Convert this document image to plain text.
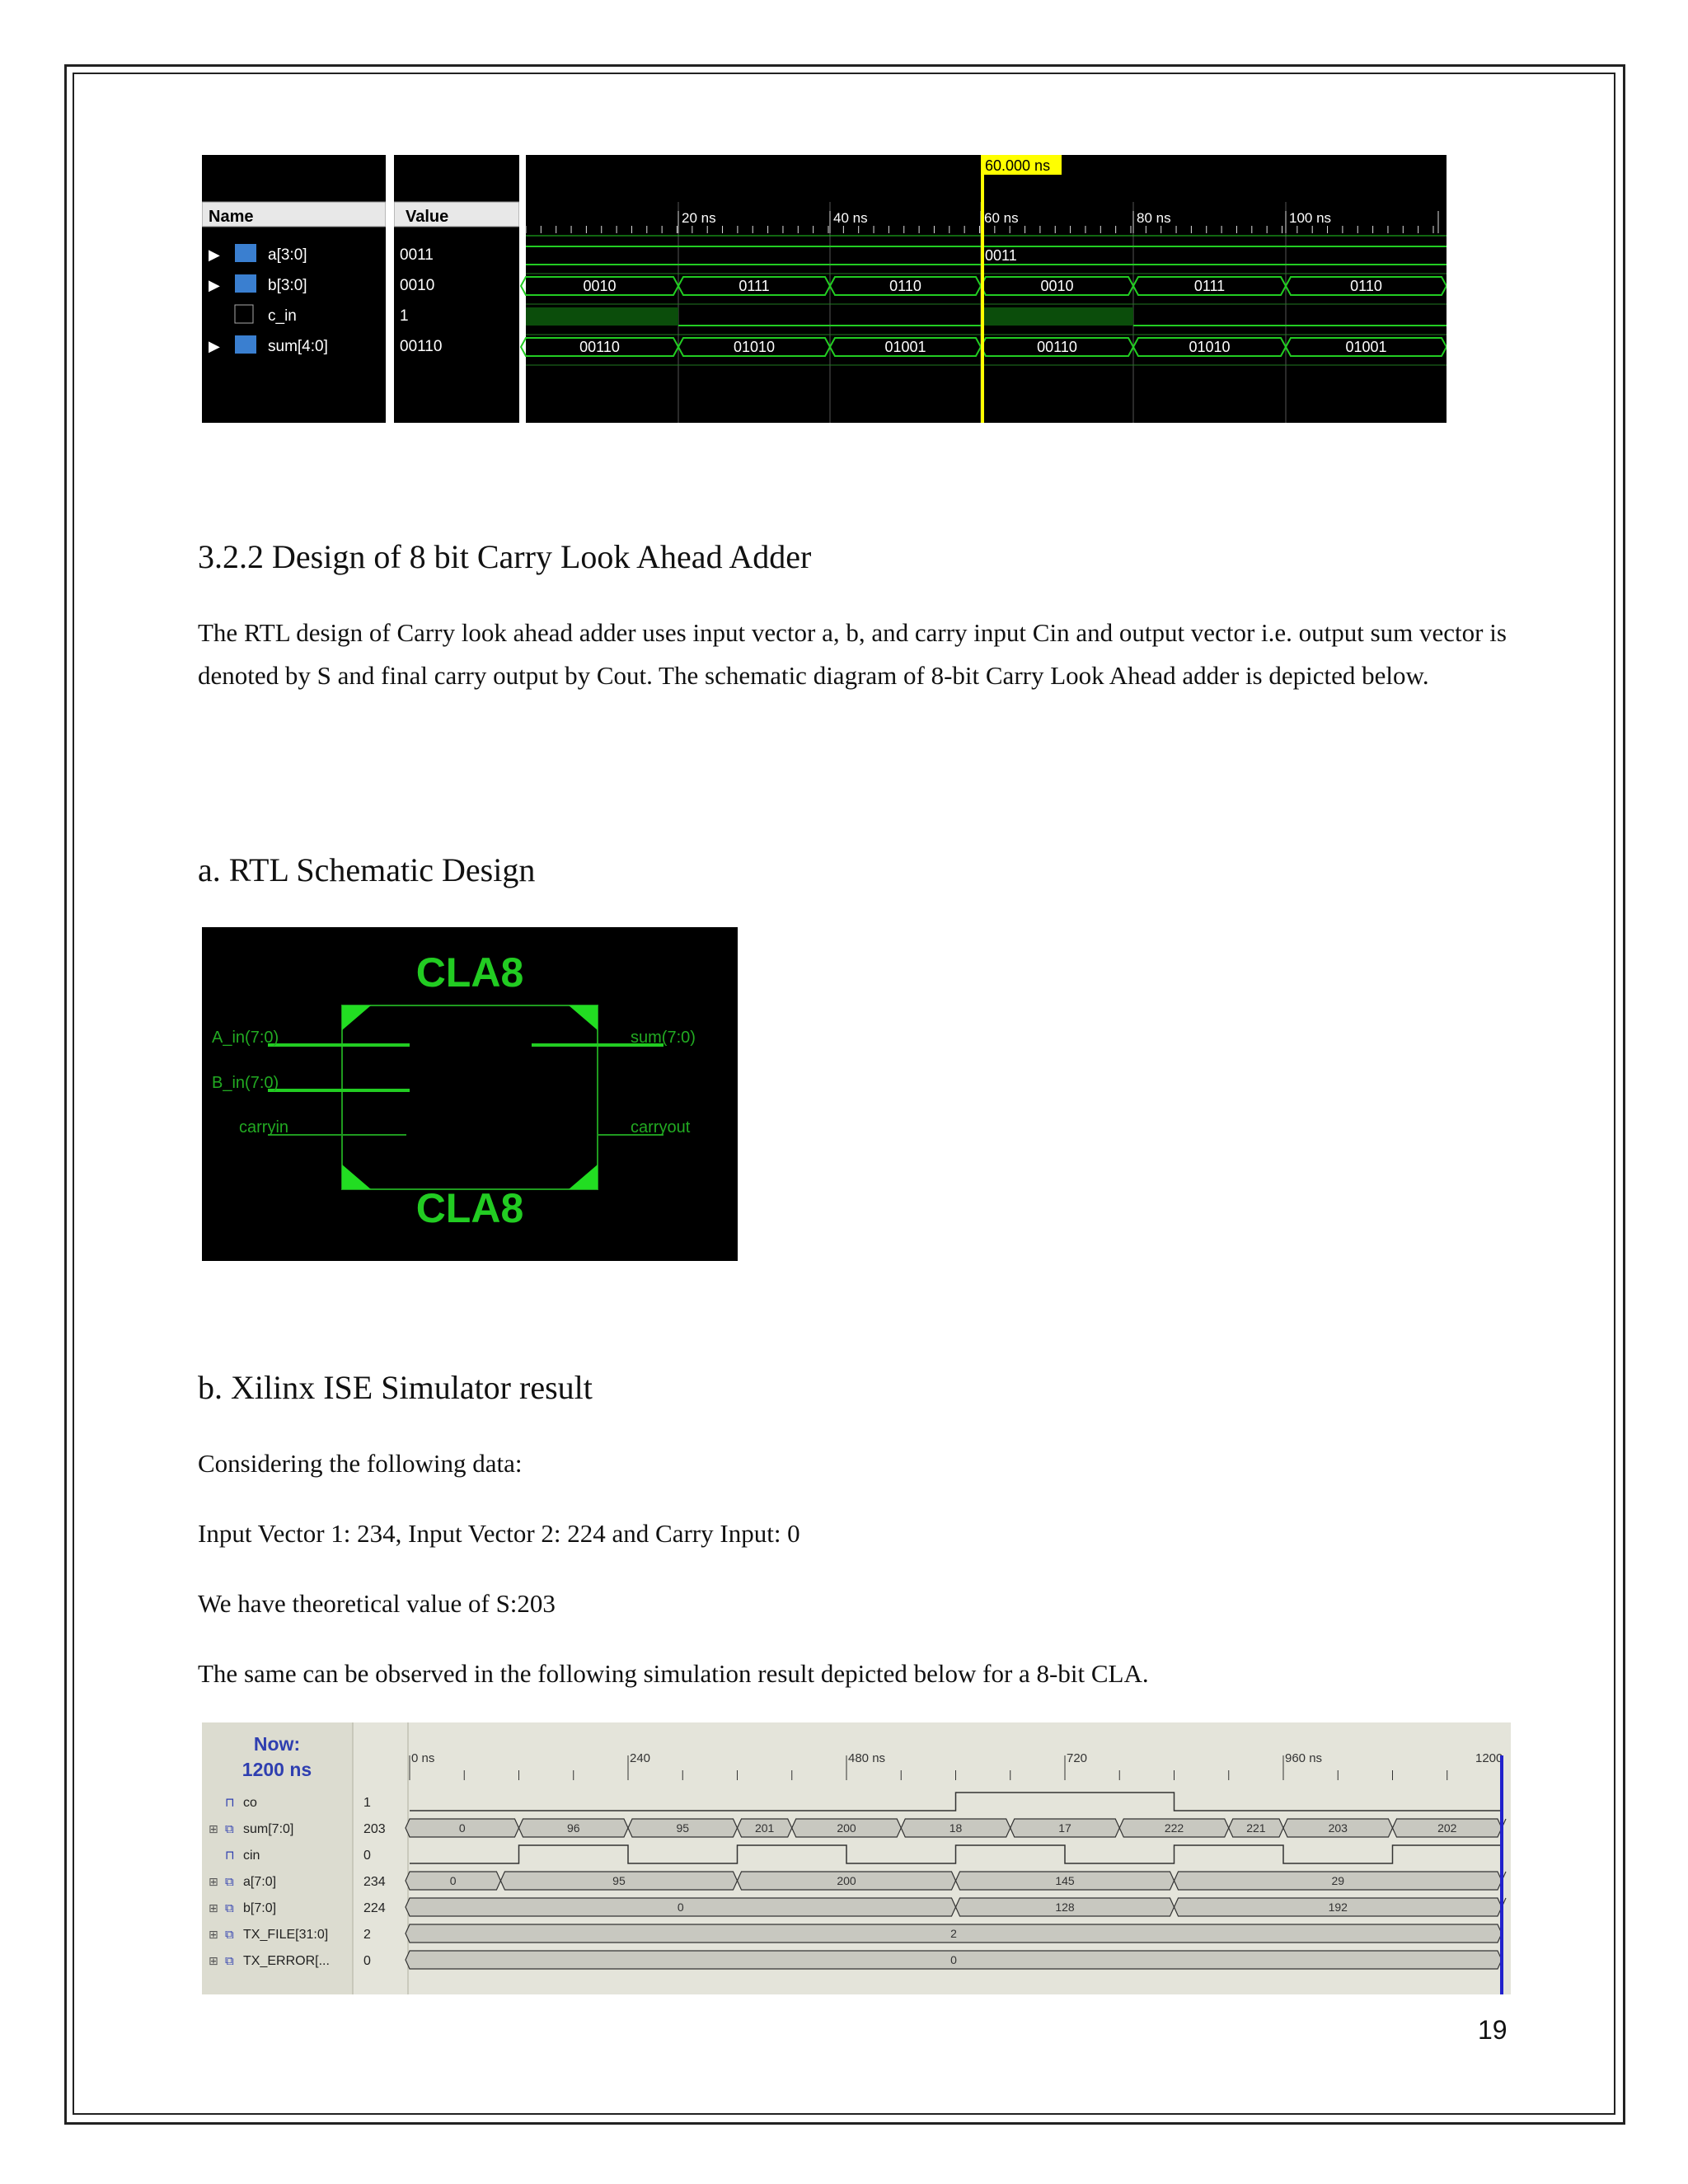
Name	Value
▶	a[3:0]	0011
▶	b[3:0]	0010
c_in	1
▶	sum[4:0]	00110
20 ns	40 ns	60 ns	80 ns	100 ns
0011
0010	0111	0110	0010	0111	0110
00110	01010	01001	00110	01010	01001
60.000 ns
3.2.2 Design of 8 bit Carry Look Ahead Adder
The RTL design of Carry look ahead adder uses input vector a, b, and carry input Cin and output vector i.e. output sum vector is denoted by S and final carry output by Cout. The schematic diagram of 8-bit Carry Look Ahead adder is depicted below.
a. RTL Schematic Design
CLA8
CLA8
A_in(7:0)
B_in(7:0)
carryin
sum(7:0)
carryout
b. Xilinx ISE Simulator result
Considering the following data:
Input Vector 1: 234, Input Vector 2: 224 and Carry Input: 0
We have theoretical value of S:203
The same can be observed in the following simulation result depicted below for a 8-bit CLA.
Now:
1200 ns
⊓ co	1
⊞ ⧉ sum[7:0]	203
⊓ cin	0
⊞ ⧉ a[7:0]	234
⊞ ⧉ b[7:0]	224
⊞ ⧉ TX_FILE[31:0]	2
⊞ ⧉ TX_ERROR[...	0
0 ns	240	480 ns	720	960 ns	1200
0	96	95	201	200	18	17	222	221	203	202
0	95	200	145	29
0	128	192
2
0
19
